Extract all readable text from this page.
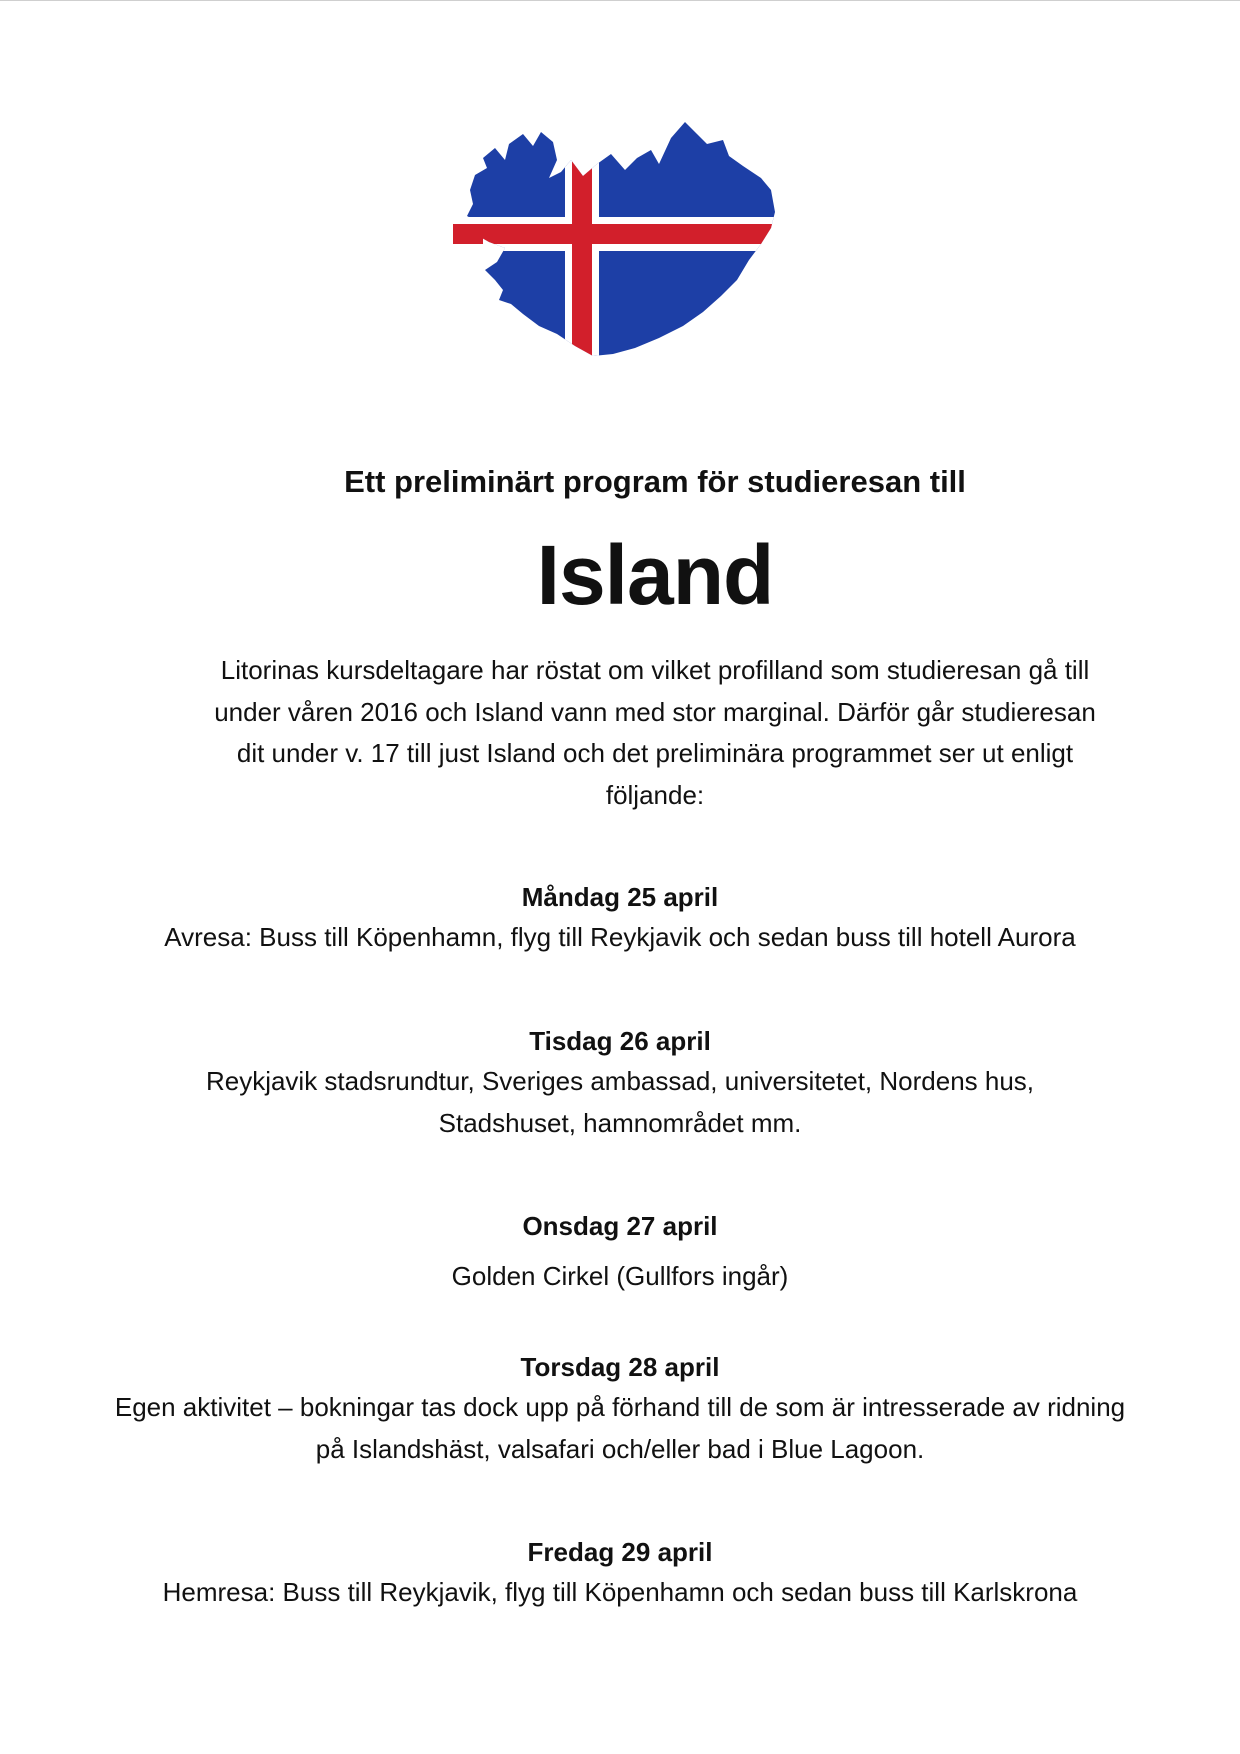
Ett preliminärt program för studieresan till
Island
Litorinas kursdeltagare har röstat om vilket profilland som studieresan gå till under våren 2016 och Island vann med stor marginal. Därför går studieresan dit under v. 17 till just Island och det preliminära programmet ser ut enligt följande:
Måndag 25 april
Avresa: Buss till Köpenhamn, flyg till Reykjavik och sedan buss till hotell Aurora
Tisdag 26 april
Reykjavik stadsrundtur, Sveriges ambassad, universitetet, Nordens hus, Stadshuset, hamnområdet mm.
Onsdag 27 april
Golden Cirkel (Gullfors ingår)
Torsdag 28 april
Egen aktivitet – bokningar tas dock upp på förhand till de som är intresserade av ridning på Islandshäst, valsafari och/eller bad i Blue Lagoon.
Fredag 29 april
Hemresa: Buss till Reykjavik, flyg till Köpenhamn och sedan buss till Karlskrona
